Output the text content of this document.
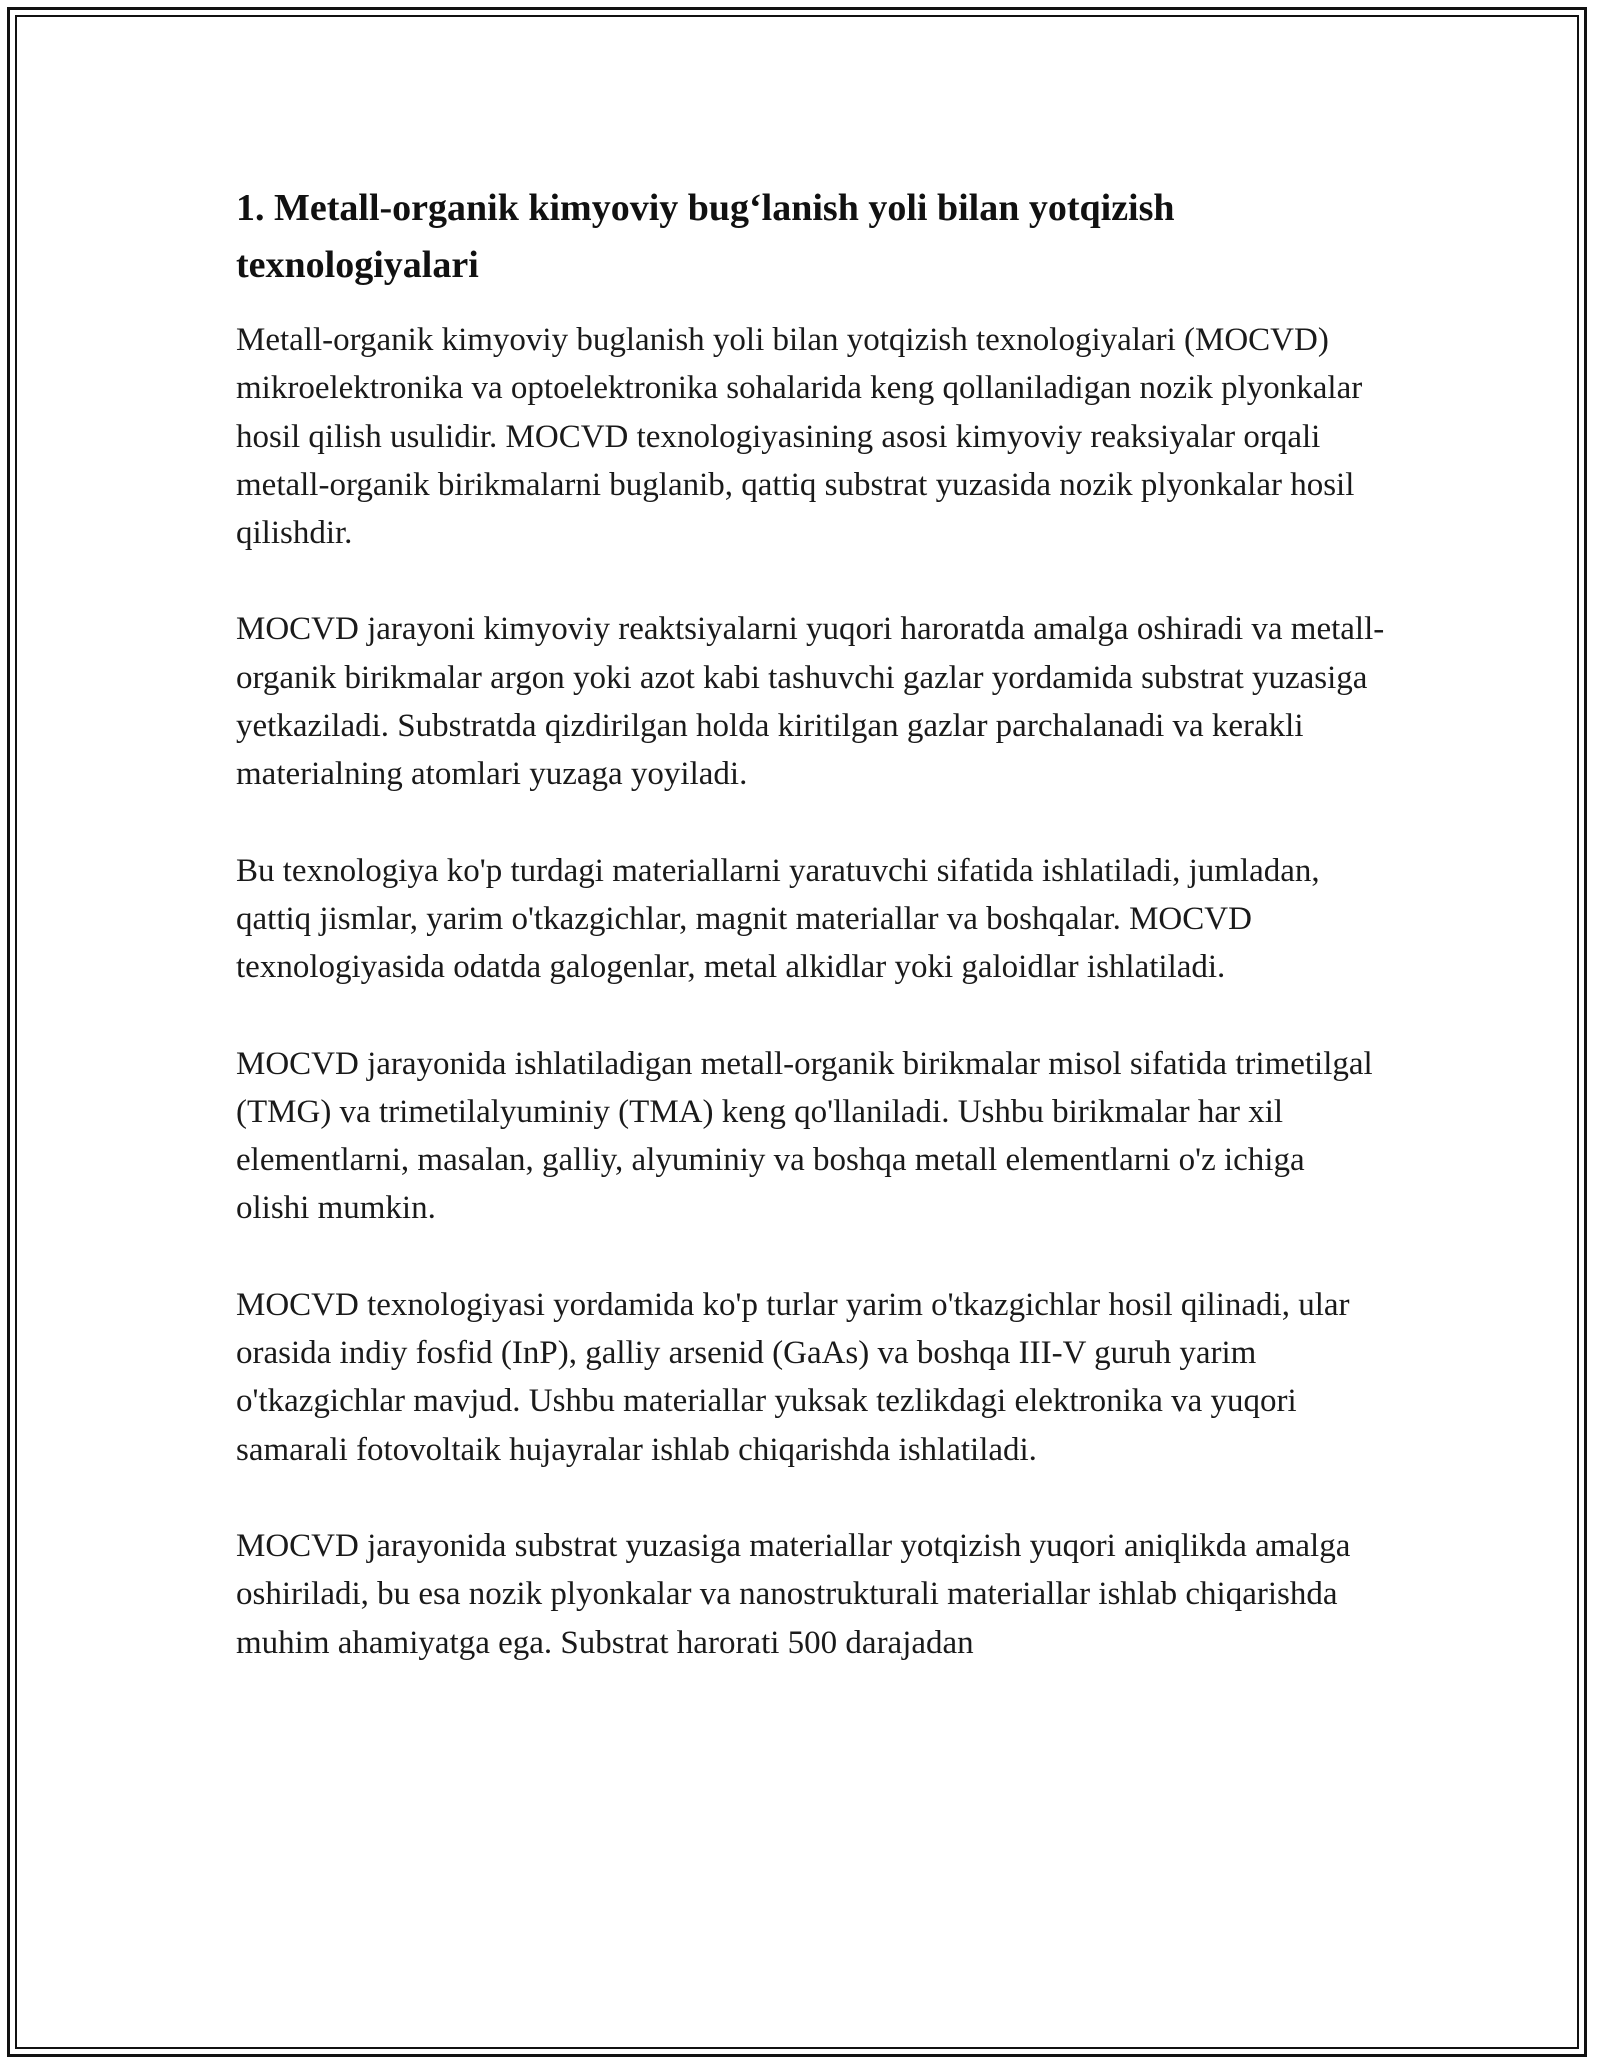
1. Metall-organik kimyoviy bug‘lanish yoli bilan yotqizish texnologiyalari

Metall-organik kimyoviy buglanish yoli bilan yotqizish texnologiyalari (MOCVD) mikroelektronika va optoelektronika sohalarida keng qollaniladigan nozik plyonkalar hosil qilish usulidir. MOCVD texnologiyasining asosi kimyoviy reaksiyalar orqali metall-organik birikmalarni buglanib, qattiq substrat yuzasida nozik plyonkalar hosil qilishdir.

MOCVD jarayoni kimyoviy reaktsiyalarni yuqori haroratda amalga oshiradi va metall-organik birikmalar argon yoki azot kabi tashuvchi gazlar yordamida substrat yuzasiga yetkaziladi. Substratda qizdirilgan holda kiritilgan gazlar parchalanadi va kerakli materialning atomlari yuzaga yoyiladi.

Bu texnologiya ko'p turdagi materiallarni yaratuvchi sifatida ishlatiladi, jumladan, qattiq jismlar, yarim o'tkazgichlar, magnit materiallar va boshqalar. MOCVD texnologiyasida odatda galogenlar, metal alkidlar yoki galoidlar ishlatiladi.

MOCVD jarayonida ishlatiladigan metall-organik birikmalar misol sifatida trimetilgal (TMG) va trimetilalyuminiy (TMA) keng qo'llaniladi. Ushbu birikmalar har xil elementlarni, masalan, galliy, alyuminiy va boshqa metall elementlarni o'z ichiga olishi mumkin.

MOCVD texnologiyasi yordamida ko'p turlar yarim o'tkazgichlar hosil qilinadi, ular orasida indiy fosfid (InP), galliy arsenid (GaAs) va boshqa III-V guruh yarim o'tkazgichlar mavjud. Ushbu materiallar yuksak tezlikdagi elektronika va yuqori samarali fotovoltaik hujayralar ishlab chiqarishda ishlatiladi.

MOCVD jarayonida substrat yuzasiga materiallar yotqizish yuqori aniqlikda amalga oshiriladi, bu esa nozik plyonkalar va nanostrukturali materiallar ishlab chiqarishda muhim ahamiyatga ega. Substrat harorati 500 darajadan
